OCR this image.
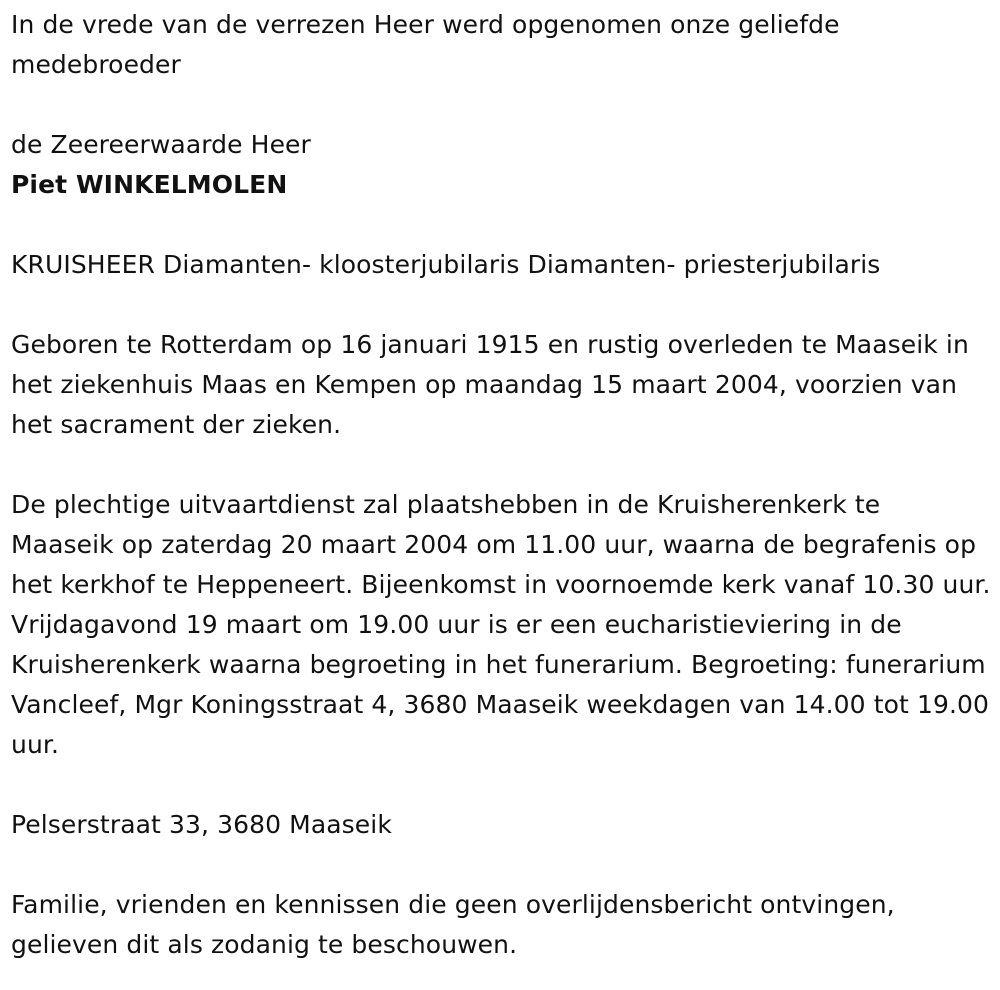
In de vrede van de verrezen Heer werd opgenomen onze geliefde medebroeder

de Zeereerwaarde Heer

Piet WINKELMOLEN

KRUISHEER Diamanten- kloosterjubilaris Diamanten- priesterjubilaris

Geboren te Rotterdam op 16 januari 1915 en rustig overleden te Maaseik in het ziekenhuis Maas en Kempen op maandag 15 maart 2004, voorzien van het sacrament der zieken.

De plechtige uitvaartdienst zal plaatshebben in de Kruisherenkerk te Maaseik op zaterdag 20 maart 2004 om 11.00 uur, waarna de begrafenis op het kerkhof te Heppeneert. Bijeenkomst in voornoemde kerk vanaf 10.30 uur. Vrijdagavond 19 maart om 19.00 uur is er een eucharistieviering in de Kruisherenkerk waarna begroeting in het funerarium. Begroeting: funerarium Vancleef, Mgr Koningsstraat 4, 3680 Maaseik weekdagen van 14.00 tot 19.00 uur.

Pelserstraat 33, 3680 Maaseik

Familie, vrienden en kennissen die geen overlijdensbericht ontvingen, gelieven dit als zodanig te beschouwen.
